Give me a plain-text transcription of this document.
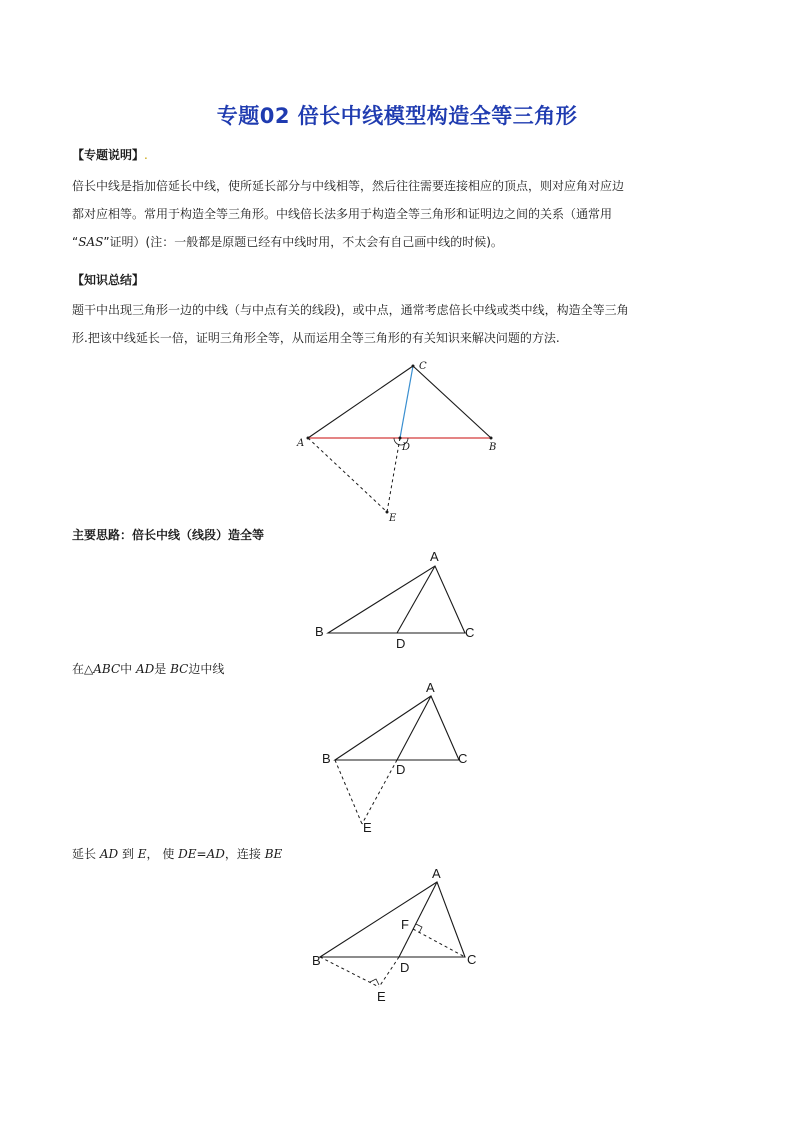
专题02 倍长中线模型构造全等三角形
【专题说明】.
倍长中线是指加倍延长中线，使所延长部分与中线相等，然后往往需要连接相应的顶点，则对应角对应边
都对应相等。常用于构造全等三角形。中线倍长法多用于构造全等三角形和证明边之间的关系（通常用
“SAS”证明）(注：一般都是原题已经有中线时用，不太会有自己画中线的时候)。
【知识总结】
题干中出现三角形一边的中线（与中点有关的线段)，或中点，通常考虑倍长中线或类中线，构造全等三角
形.把该中线延长一倍，证明三角形全等，从而运用全等三角形的有关知识来解决问题的方法.
C
A	D	B
E
主要思路：倍长中线（线段）造全等
A
B
D
C
在△ABC中 AD是 BC边中线
A
B
D
C
E
延长 AD 到 E， 使 DE=AD，连接 BE
A
F
B	D
C
E
